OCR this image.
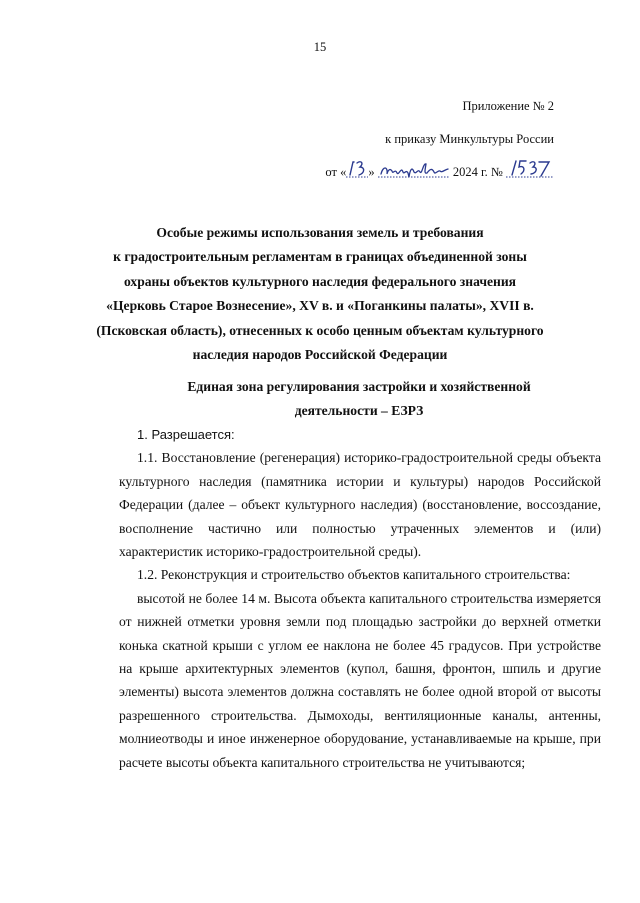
15
Приложение № 2
к приказу Минкультуры России
от « »	2024 г. №
Особые режимы использования земель и требования
к градостроительным регламентам в границах объединенной зоны
охраны объектов культурного наследия федерального значения
«Церковь Старое Вознесение», XV в. и «Поганкины палаты», XVII в.
(Псковская область), отнесенных к особо ценным объектам культурного
наследия народов Российской Федерации
Единая зона регулирования застройки и хозяйственной
деятельности – ЕЗРЗ

1. Разрешается:

1.1. Восстановление (регенерация) историко-градостроительной среды объекта культурного наследия (памятника истории и культуры) народов Российской Федерации (далее – объект культурного наследия) (восстановление, воссоздание, восполнение частично или полностью утраченных элементов и (или) характеристик историко-градостроительной среды).

1.2. Реконструкция и строительство объектов капитального строительства:

высотой не более 14 м. Высота объекта капитального строительства измеряется от нижней отметки уровня земли под площадью застройки до верхней отметки конька скатной крыши с углом ее наклона не более 45 градусов. При устройстве на крыше архитектурных элементов (купол, башня, фронтон, шпиль и другие элементы) высота элементов должна составлять не более одной второй от высоты разрешенного строительства. Дымоходы, вентиляционные каналы, антенны, молниеотводы и иное инженерное оборудование, устанавливаемые на крыше, при расчете высоты объекта капитального строительства не учитываются;
